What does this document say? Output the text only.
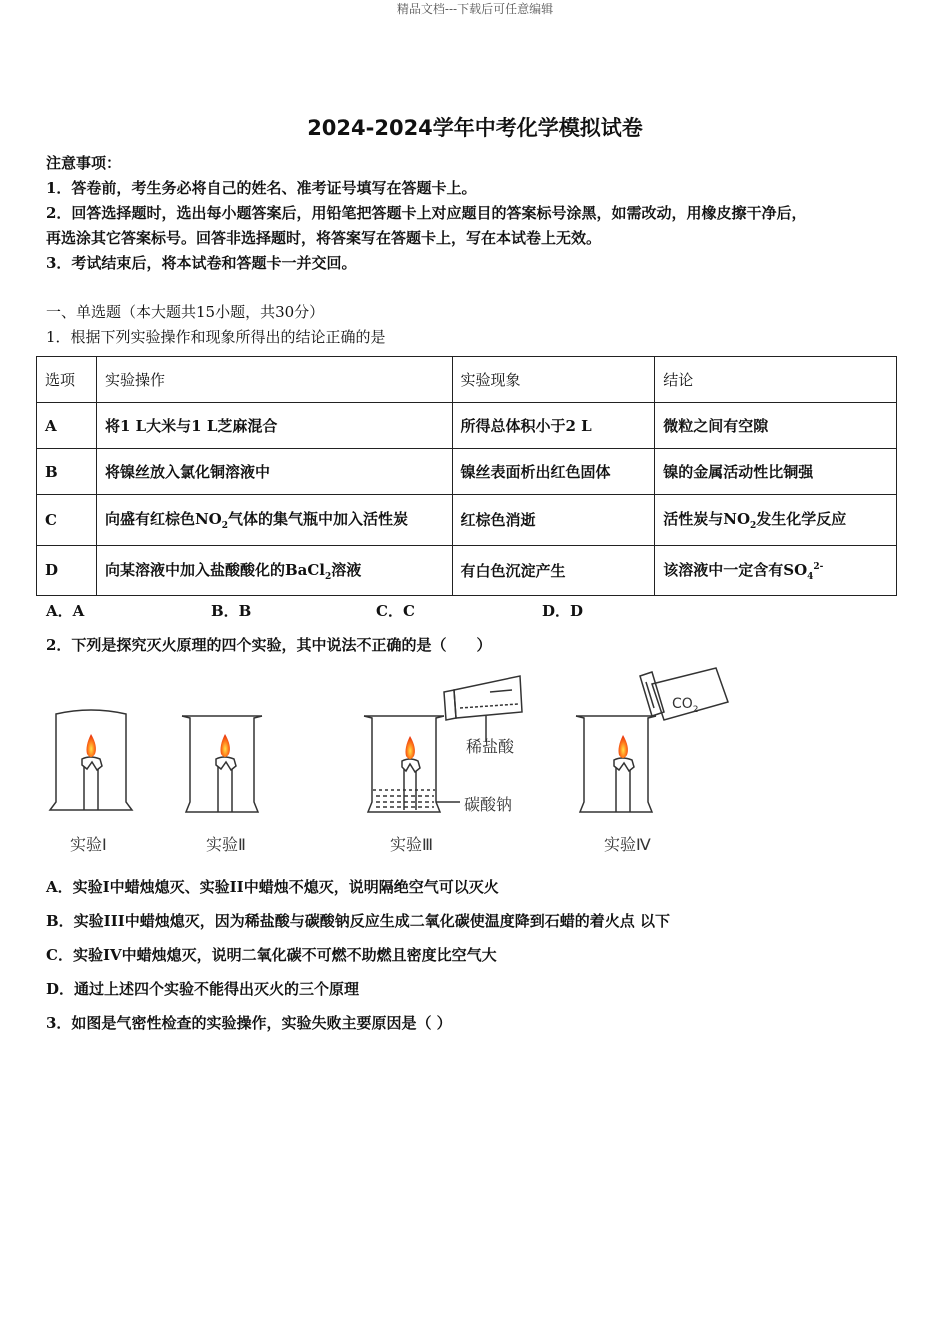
精品文档---下载后可任意编辑
2024-2024学年中考化学模拟试卷
注意事项：
1．答卷前，考生务必将自己的姓名、准考证号填写在答题卡上。
2．回答选择题时，选出每小题答案后，用铅笔把答题卡上对应题目的答案标号涂黑，如需改动，用橡皮擦干净后，
再选涂其它答案标号。回答非选择题时，将答案写在答题卡上，写在本试卷上无效。
3．考试结束后，将本试卷和答题卡一并交回。
一、单选题（本大题共15小题，共30分）
1．根据下列实验操作和现象所得出的结论正确的是
选项	实验操作	实验现象	结论
A	将1 L大米与1 L芝麻混合	所得总体积小于2 L	微粒之间有空隙
B	将镍丝放入氯化铜溶液中	镍丝表面析出红色固体	镍的金属活动性比铜强
C	向盛有红棕色$NO_2$气体的集气瓶中加入活性炭	红棕色消逝	活性炭与$NO_2$发生化学反应
D	向某溶液中加入盐酸酸化的BaCl$_2$溶液	有白色沉淀产生	该溶液中一定含有$SO_4^{2-}$
A．A	B．B	C．C	D．D
2．下列是探究灭火原理的四个实验，其中说法不正确的是（　　）
实验Ⅰ	实验Ⅱ	实验Ⅲ	实验Ⅳ
稀盐酸
碳酸钠
$CO_2$
A．实验I中蜡烛熄灭、实验II中蜡烛不熄灭，说明隔绝空气可以灭火
B．实验III中蜡烛熄灭，因为稀盐酸与碳酸钠反应生成二氧化碳使温度降到石蜡的着火点 以下
C．实验IV中蜡烛熄灭，说明二氧化碳不可燃不助燃且密度比空气大
D．通过上述四个实验不能得出灭火的三个原理
3．如图是气密性检查的实验操作，实验失败主要原因是（ ）
